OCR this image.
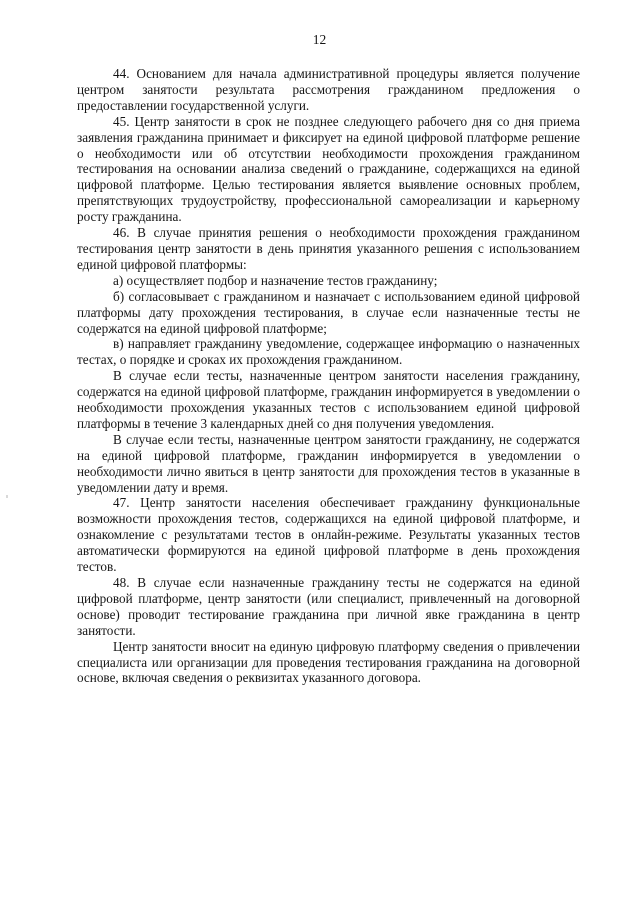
12

44. Основанием для начала административной процедуры является получение центром занятости результата рассмотрения гражданином предложения о предоставлении государственной услуги.

45. Центр занятости в срок не позднее следующего рабочего дня со дня приема заявления гражданина принимает и фиксирует на единой цифровой платформе решение о необходимости или об отсутствии необходимости прохождения гражданином тестирования на основании анализа сведений о гражданине, содержащихся на единой цифровой платформе. Целью тестирования является выявление основных проблем, препятствующих трудоустройству, профессиональной самореализации и карьерному росту гражданина.

46. В случае принятия решения о необходимости прохождения гражданином тестирования центр занятости в день принятия указанного решения с использованием единой цифровой платформы:

а) осуществляет подбор и назначение тестов гражданину;

б) согласовывает с гражданином и назначает с использованием единой цифровой платформы дату прохождения тестирования, в случае если назначенные тесты не содержатся на единой цифровой платформе;

в) направляет гражданину уведомление, содержащее информацию о назначенных тестах, о порядке и сроках их прохождения гражданином.

В случае если тесты, назначенные центром занятости населения гражданину, содержатся на единой цифровой платформе, гражданин информируется в уведомлении о необходимости прохождения указанных тестов с использованием единой цифровой платформы в течение 3 календарных дней со дня получения уведомления.

В случае если тесты, назначенные центром занятости гражданину, не содержатся на единой цифровой платформе, гражданин информируется в уведомлении о необходимости лично явиться в центр занятости для прохождения тестов в указанные в уведомлении дату и время.

47. Центр занятости населения обеспечивает гражданину функциональные возможности прохождения тестов, содержащихся на единой цифровой платформе, и ознакомление с результатами тестов в онлайн-режиме. Результаты указанных тестов автоматически формируются на единой цифровой платформе в день прохождения тестов.

48. В случае если назначенные гражданину тесты не содержатся на единой цифровой платформе, центр занятости (или специалист, привлеченный на договорной основе) проводит тестирование гражданина при личной явке гражданина в центр занятости.

Центр занятости вносит на единую цифровую платформу сведения о привлечении специалиста или организации для проведения тестирования гражданина на договорной основе, включая сведения о реквизитах указанного договора.
